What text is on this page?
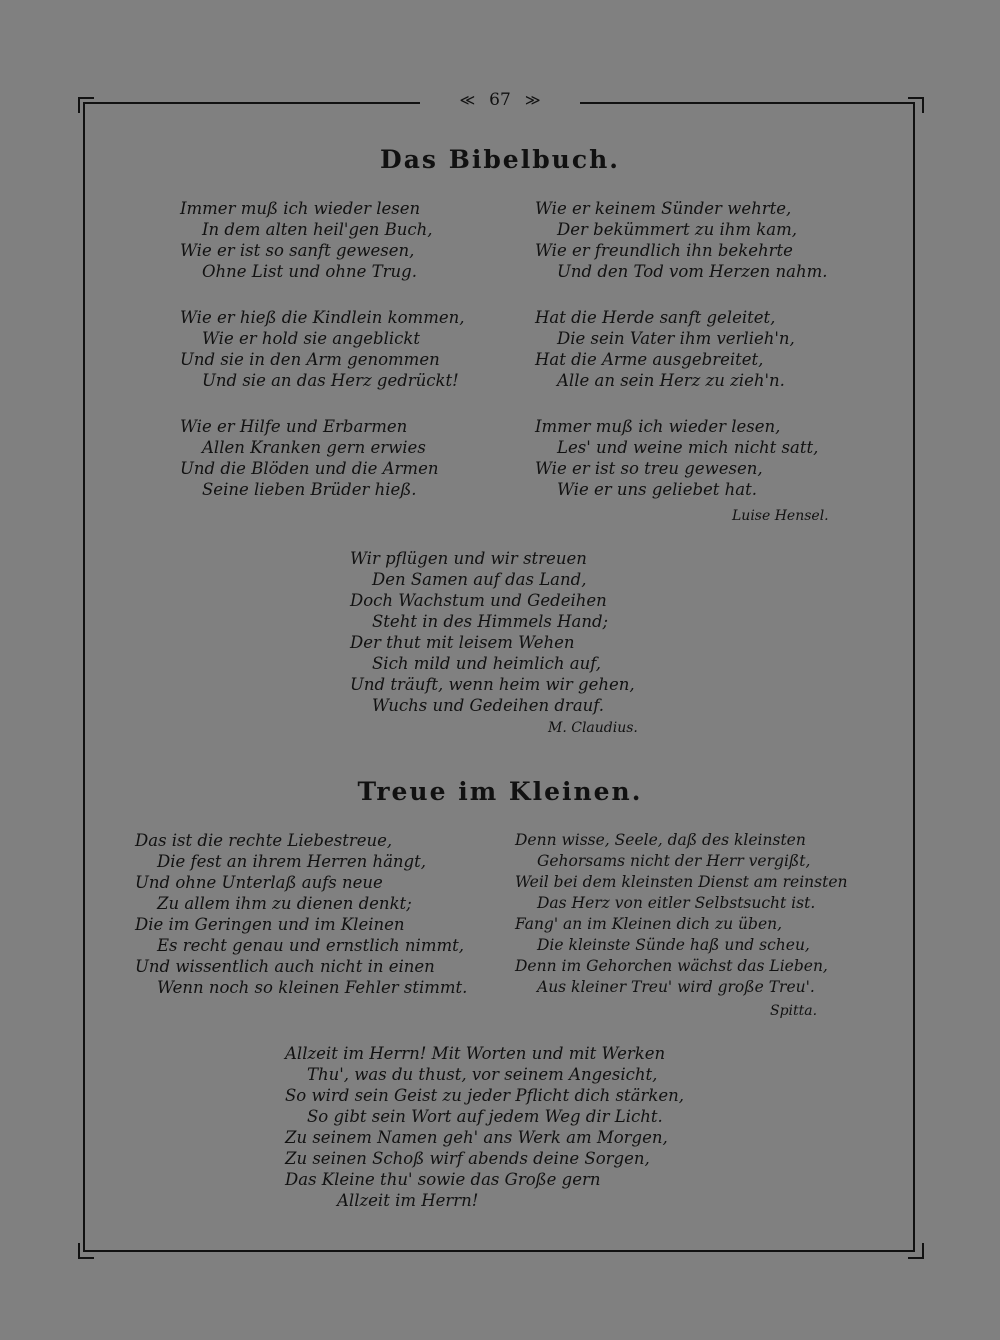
≪ 67 ≫
Das Bibelbuch.
Immer muß ich wieder lesen
In dem alten heil'gen Buch,
Wie er ist so sanft gewesen,
Ohne List und ohne Trug.
Wie er hieß die Kindlein kommen,
Wie er hold sie angeblickt
Und sie in den Arm genommen
Und sie an das Herz gedrückt!
Wie er Hilfe und Erbarmen
Allen Kranken gern erwies
Und die Blöden und die Armen
Seine lieben Brüder hieß.
Wie er keinem Sünder wehrte,
Der bekümmert zu ihm kam,
Wie er freundlich ihn bekehrte
Und den Tod vom Herzen nahm.
Hat die Herde sanft geleitet,
Die sein Vater ihm verlieh'n,
Hat die Arme ausgebreitet,
Alle an sein Herz zu zieh'n.
Immer muß ich wieder lesen,
Les' und weine mich nicht satt,
Wie er ist so treu gewesen,
Wie er uns geliebet hat.
Luise Hensel.
Wir pflügen und wir streuen
Den Samen auf das Land,
Doch Wachstum und Gedeihen
Steht in des Himmels Hand;
Der thut mit leisem Wehen
Sich mild und heimlich auf,
Und träuft, wenn heim wir gehen,
Wuchs und Gedeihen drauf.
M. Claudius.
Treue im Kleinen.
Das ist die rechte Liebestreue,
Die fest an ihrem Herren hängt,
Und ohne Unterlaß aufs neue
Zu allem ihm zu dienen denkt;
Die im Geringen und im Kleinen
Es recht genau und ernstlich nimmt,
Und wissentlich auch nicht in einen
Wenn noch so kleinen Fehler stimmt.
Denn wisse, Seele, daß des kleinsten
Gehorsams nicht der Herr vergißt,
Weil bei dem kleinsten Dienst am reinsten
Das Herz von eitler Selbstsucht ist.
Fang' an im Kleinen dich zu üben,
Die kleinste Sünde haß und scheu,
Denn im Gehorchen wächst das Lieben,
Aus kleiner Treu' wird große Treu'.
Spitta.
Allzeit im Herrn! Mit Worten und mit Werken
Thu', was du thust, vor seinem Angesicht,
So wird sein Geist zu jeder Pflicht dich stärken,
So gibt sein Wort auf jedem Weg dir Licht.
Zu seinem Namen geh' ans Werk am Morgen,
Zu seinen Schoß wirf abends deine Sorgen,
Das Kleine thu' sowie das Große gern
Allzeit im Herrn!
